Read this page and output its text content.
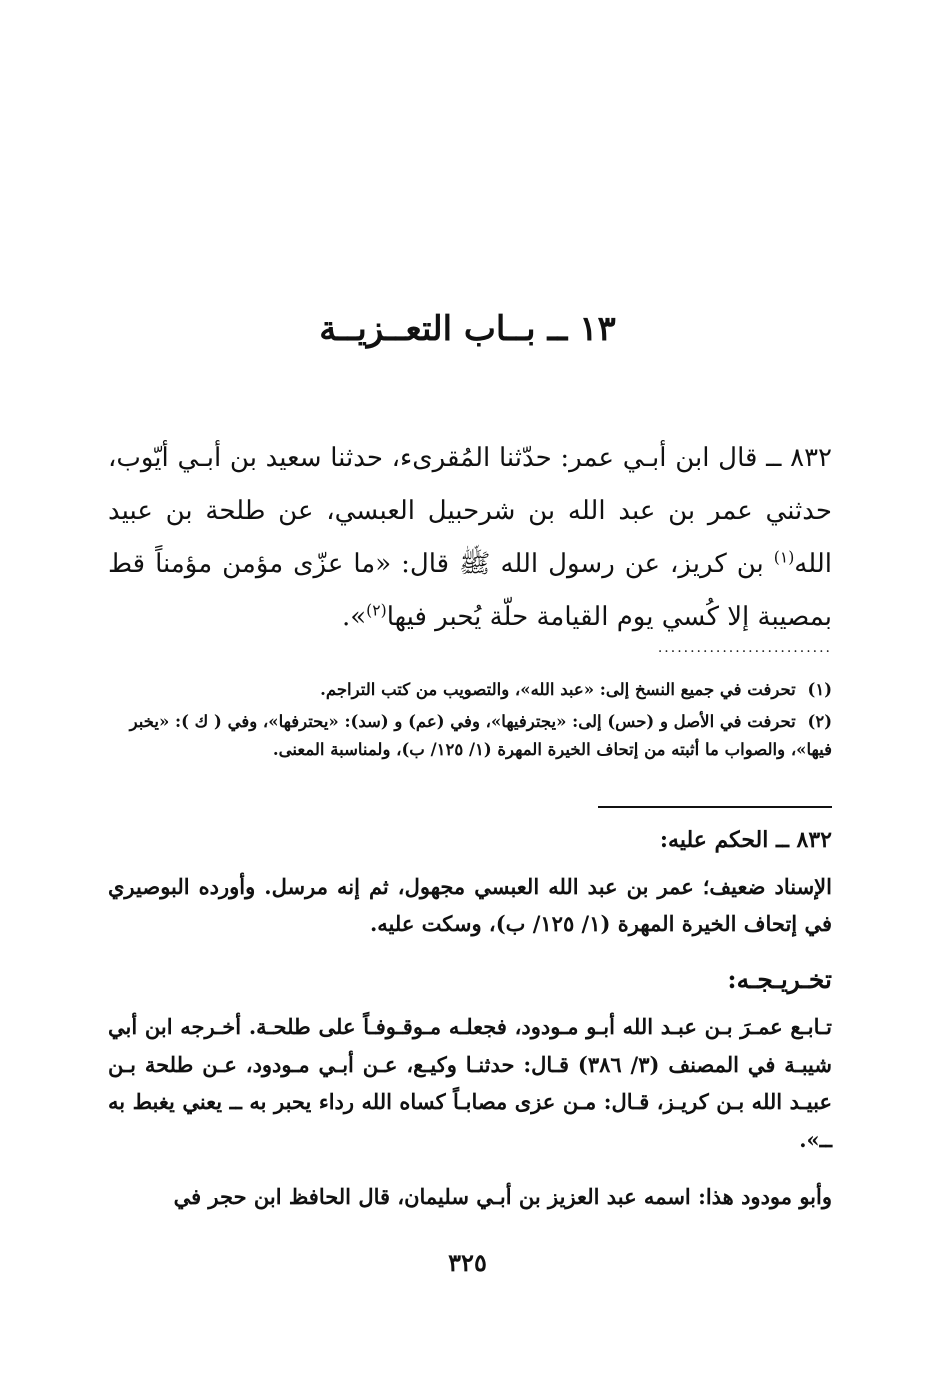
١٣ ــ بــاب التعــزيــة

٨٣٢ ــ قال ابن أبـي عمر: حدّثنا المُقرىء، حدثنا سعيد بن أبـي أيّوب، حدثني عمر بن عبد الله بن شرحبيل العبسي، عن طلحة بن عبيد الله$^{(١)}$ بن كريز، عن رسول الله ﷺ قال: «ما عزّى مؤمن مؤمناً قط بمصيبة إلا كُسي يوم القيامة حلّة يُحبر فيها$^{(٢)}$».

...........................

(١) تحرفت في جميع النسخ إلى: «عبد الله»، والتصويب من كتب التراجم.

(٢) تحرفت في الأصل و (حس) إلى: «يجترفيها»، وفي (عم) و (سد): «يحترفها»، وفي ( ك ): «يخبر فيها»، والصواب ما أثبته من إتحاف الخيرة المهرة (١/ ١٢٥/ ب)، ولمناسبة المعنى.

٨٣٢ ــ الحكم عليه:

الإسناد ضعيف؛ عمر بن عبد الله العبسي مجهول، ثم إنه مرسل. وأورده البوصيري في إتحاف الخيرة المهرة (١/ ١٢٥/ ب)، وسكت عليه.

تخـريـجـه:

تـابـع عمـرَ بـن عبـد الله أبـو مـودود، فجعلـه مـوقـوفـاً على طلحـة. أخـرجه ابن أبي شيبـة في المصنف (٣/ ٣٨٦) قـال: حدثنـا وكيـع، عـن أبـي مـودود، عـن طلحة بـن عبيـد الله بـن كريـز، قـال: مـن عزى مصابـاً كساه الله رداء يحبر به ــ يعني يغبط به ــ».

وأبو مودود هذا: اسمه عبد العزيز بن أبـي سليمان، قال الحافظ ابن حجر في

٣٢٥
